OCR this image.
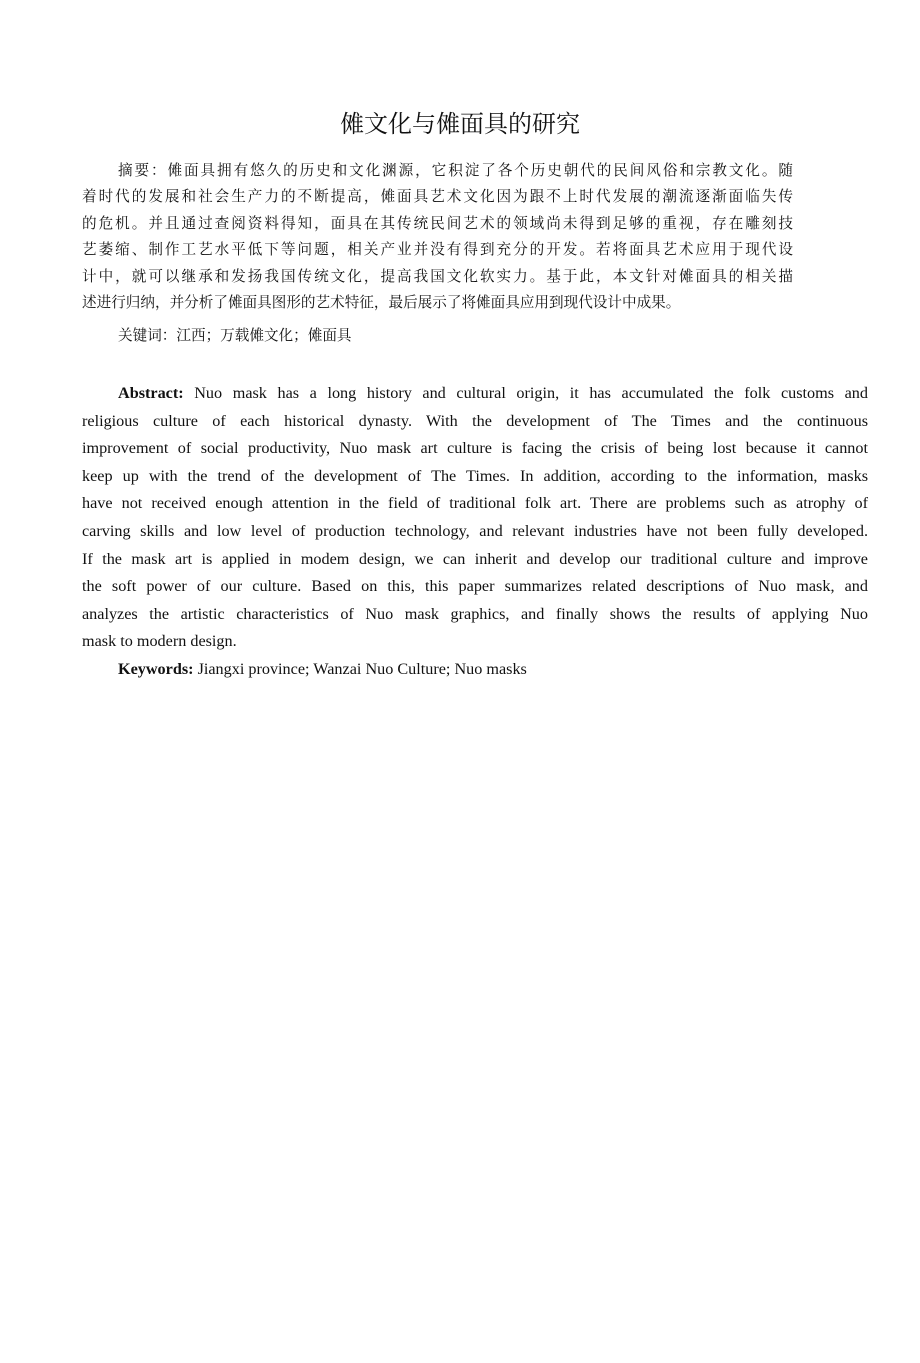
傩文化与傩面具的研究
摘要：傩面具拥有悠久的历史和文化渊源，它积淀了各个历史朝代的民间风俗和宗教文化。随
着时代的发展和社会生产力的不断提高，傩面具艺术文化因为跟不上时代发展的潮流逐渐面临失传
的危机。并且通过查阅资料得知，面具在其传统民间艺术的领域尚未得到足够的重视，存在雕刻技
艺萎缩、制作工艺水平低下等问题，相关产业并没有得到充分的开发。若将面具艺术应用于现代设
计中，就可以继承和发扬我国传统文化，提高我国文化软实力。基于此，本文针对傩面具的相关描
述进行归纳，并分析了傩面具图形的艺术特征，最后展示了将傩面具应用到现代设计中成果。
关键词：江西；万载傩文化；傩面具
Abstract: Nuo mask has a long history and cultural origin, it has accumulated the folk customs and
religious culture of each historical dynasty. With the development of The Times and the continuous
improvement of social productivity, Nuo mask art culture is facing the crisis of being lost because it cannot
keep up with the trend of the development of The Times. In addition, according to the information, masks
have not received enough attention in the field of traditional folk art. There are problems such as atrophy of
carving skills and low level of production technology, and relevant industries have not been fully developed.
If the mask art is applied in modem design, we can inherit and develop our traditional culture and improve
the soft power of our culture. Based on this, this paper summarizes related descriptions of Nuo mask, and
analyzes the artistic characteristics of Nuo mask graphics, and finally shows the results of applying Nuo
mask to modern design.
Keywords: Jiangxi province; Wanzai Nuo Culture; Nuo masks
